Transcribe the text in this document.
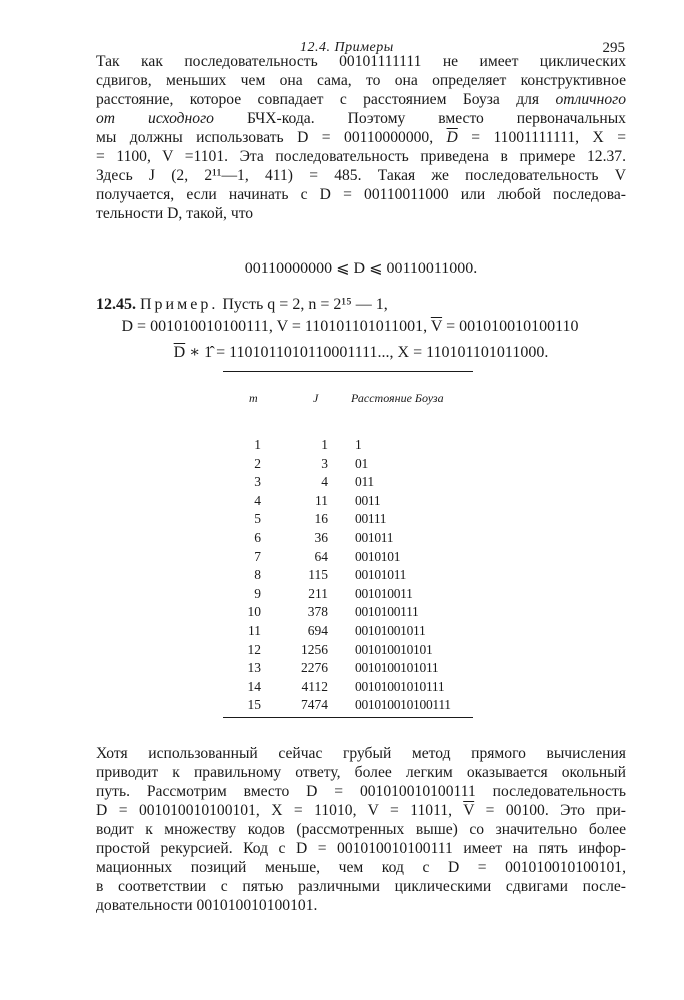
12.4. Примеры	295
Так как последовательность 00101111111 не имеет циклических
сдвигов, меньших чем она сама, то она определяет конструктивное
расстояние, которое совпадает с расстоянием Боуза для отличного
от исходного БЧХ-кода. Поэтому вместо первоначальных
мы должны использовать D = 00110000000, $\overline{D} = 11001111111$, X =
= 1100, V =1101. Эта последовательность приведена в примере 12.37.
Здесь J (2, 2¹¹—1, 411) = 485. Такая же последовательность V
получается, если начинать с D = 00110011000 или любой последова-
тельности D, такой, что
00110000000 ⩽ D ⩽ 00110011000.
12.45. Пример. Пусть q = 2, n = 2¹⁵ — 1,
D = 001010010100111, V = 110101101011001, $\overline{V} = 001010010100110$
$\overline{D}$ ∗ 1̂ = 1101011010110001111..., X = 110101101011000.
m	J	Расстояние Боуза
1	1 1
2	3 01
3	4 011
4	11 0011
5	16 00111
6	36 001011
7	64 0010101
8	115 00101011
9	211 001010011
10	378 0010100111
11	694 00101001011
12	1256 001010010101
13	2276 0010100101011
14	4112 00101001010111
15	7474 001010010100111
Хотя использованный сейчас грубый метод прямого вычисления
приводит к правильному ответу, более легким оказывается окольный
путь. Рассмотрим вместо D = 001010010100111 последовательность
D = 001010010100101, X = 11010, V = 11011, $\overline{V} = 00100$. Это при-
водит к множеству кодов (рассмотренных выше) со значительно более
простой рекурсией. Код с D = 001010010100111 имеет на пять инфор-
мационных позиций меньше, чем код с D = 001010010100101,
в соответствии с пятью различными циклическими сдвигами после-
довательности 001010010100101.
